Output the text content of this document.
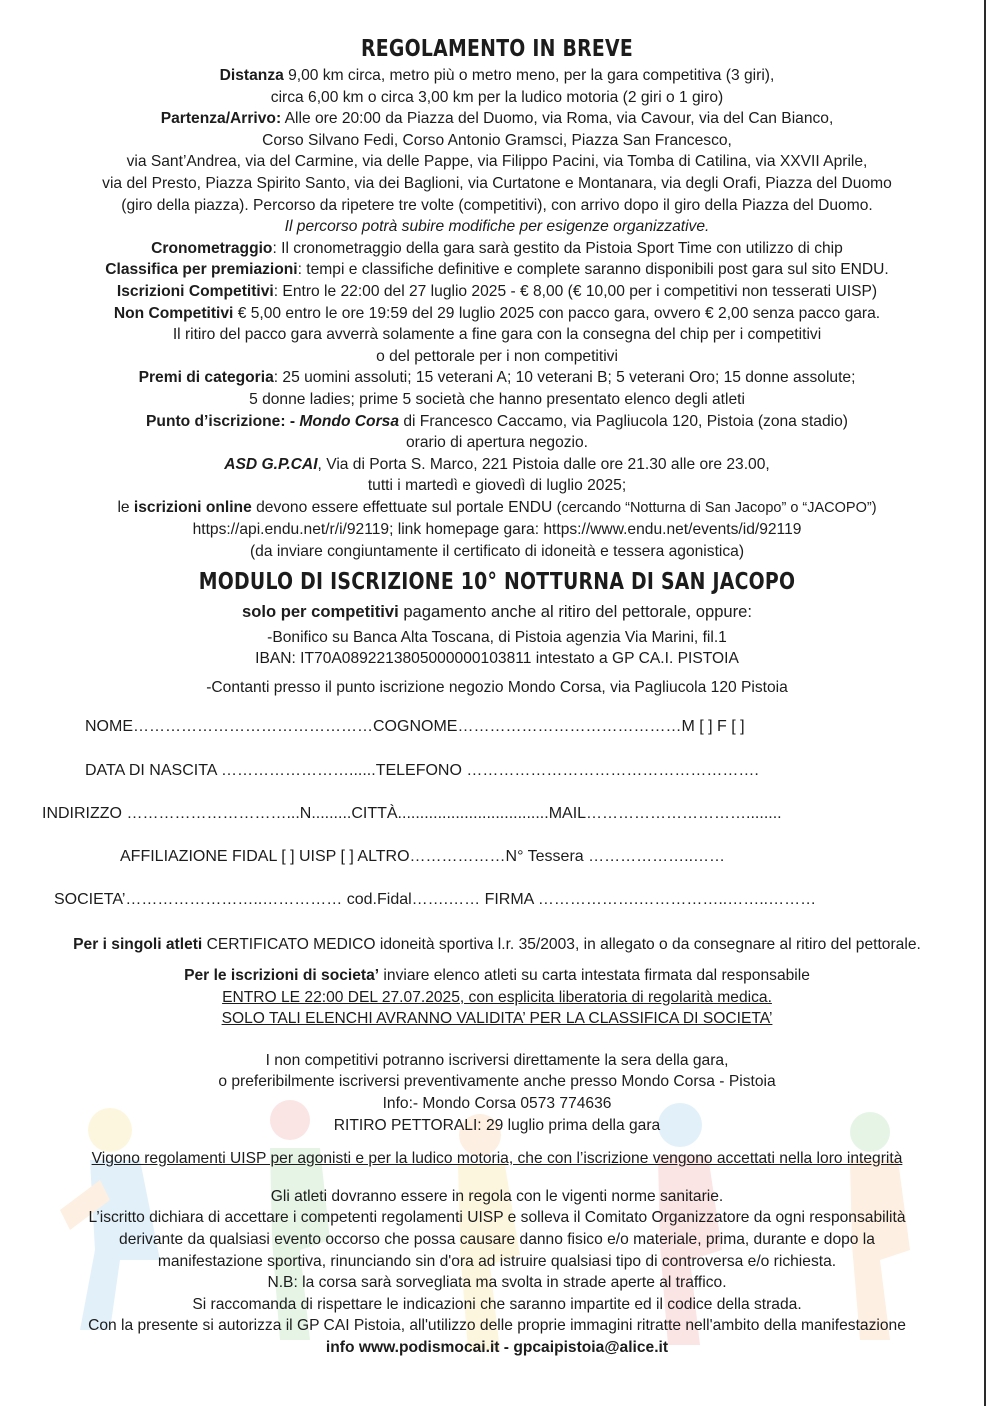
REGOLAMENTO IN BREVE
Distanza 9,00 km circa, metro più o metro meno, per la gara competitiva (3 giri),
circa 6,00 km o circa 3,00 km per la ludico motoria (2 giri o 1 giro)
Partenza/Arrivo: Alle ore 20:00 da Piazza del Duomo, via Roma, via Cavour, via del Can Bianco,
Corso Silvano Fedi, Corso Antonio Gramsci, Piazza San Francesco,
via Sant’Andrea, via del Carmine, via delle Pappe, via Filippo Pacini, via Tomba di Catilina, via XXVII Aprile,
via del Presto, Piazza Spirito Santo, via dei Baglioni, via Curtatone e Montanara, via degli Orafi, Piazza del Duomo
(giro della piazza). Percorso da ripetere tre volte (competitivi), con arrivo dopo il giro della Piazza del Duomo.
Il percorso potrà subire modifiche per esigenze organizzative.
Cronometraggio: Il cronometraggio della gara sarà gestito da Pistoia Sport Time con utilizzo di chip
Classifica per premiazioni: tempi e classifiche definitive e complete saranno disponibili post gara sul sito ENDU.
Iscrizioni Competitivi: Entro le 22:00 del 27 luglio 2025 - € 8,00 (€ 10,00 per i competitivi non tesserati UISP)
Non Competitivi € 5,00 entro le ore 19:59 del 29 luglio 2025 con pacco gara, ovvero € 2,00 senza pacco gara.
Il ritiro del pacco gara avverrà solamente a fine gara con la consegna del chip per i competitivi
o del pettorale per i non competitivi
Premi di categoria: 25 uomini assoluti; 15 veterani A; 10 veterani B; 5 veterani Oro; 15 donne assolute;
5 donne ladies; prime 5 società che hanno presentato elenco degli atleti
Punto d’iscrizione: - Mondo Corsa di Francesco Caccamo, via Pagliucola 120, Pistoia (zona stadio)
orario di apertura negozio.
ASD G.P.CAI, Via di Porta S. Marco, 221 Pistoia dalle ore 21.30 alle ore 23.00,
tutti i martedì e giovedì di luglio 2025;
le iscrizioni online devono essere effettuate sul portale ENDU (cercando “Notturna di San Jacopo” o “JACOPO”)
https://api.endu.net/r/i/92119; link homepage gara: https://www.endu.net/events/id/92119
(da inviare congiuntamente il certificato di idoneità e tessera agonistica)
MODULO DI ISCRIZIONE 10° NOTTURNA DI SAN JACOPO
solo per competitivi pagamento anche al ritiro del pettorale, oppure:
-Bonifico su Banca Alta Toscana, di Pistoia agenzia Via Marini, fil.1
IBAN: IT70A0892213805000000103811 intestato a GP CA.I. PISTOIA
-Contanti presso il punto iscrizione negozio Mondo Corsa, via Pagliucola 120 Pistoia
NOME………………………………………COGNOME……………………………………M [ ] F [ ]
DATA DI NASCITA ……………………......TELEFONO ……………………………………………….
INDIRIZZO …………………………...N.........CITTÀ..................................MAIL…………………………........
AFFILIAZIONE FIDAL [ ] UISP [ ] ALTRO………………N° Tessera ………………..……
SOCIETA’……………………..…………… cod.Fidal…….…… FIRMA ……………….……………..……..………
Per i singoli atleti CERTIFICATO MEDICO idoneità sportiva l.r. 35/2003, in allegato o da consegnare al ritiro del pettorale.
Per le iscrizioni di societa’ inviare elenco atleti su carta intestata firmata dal responsabile
ENTRO LE 22:00 DEL 27.07.2025, con esplicita liberatoria di regolarità medica.
SOLO TALI ELENCHI AVRANNO VALIDITA’ PER LA CLASSIFICA DI SOCIETA’
I non competitivi potranno iscriversi direttamente la sera della gara,
o preferibilmente iscriversi preventivamente anche presso Mondo Corsa - Pistoia
Info:- Mondo Corsa 0573 774636
RITIRO PETTORALI: 29 luglio prima della gara
Vigono regolamenti UISP per agonisti e per la ludico motoria, che con l’iscrizione vengono accettati nella loro integrità
Gli atleti dovranno essere in regola con le vigenti norme sanitarie.
L’iscritto dichiara di accettare i competenti regolamenti UISP e solleva il Comitato Organizzatore da ogni responsabilità
derivante da qualsiasi evento occorso che possa causare danno fisico e/o materiale, prima, durante e dopo la
manifestazione sportiva, rinunciando sin d'ora ad istruire qualsiasi tipo di controversa e/o richiesta.
N.B: la corsa sarà sorvegliata ma svolta in strade aperte al traffico.
Si raccomanda di rispettare le indicazioni che saranno impartite ed il codice della strada.
Con la presente si autorizza il GP CAI Pistoia, all'utilizzo delle proprie immagini ritratte nell'ambito della manifestazione
info www.podismocai.it - gpcaipistoia@alice.it
